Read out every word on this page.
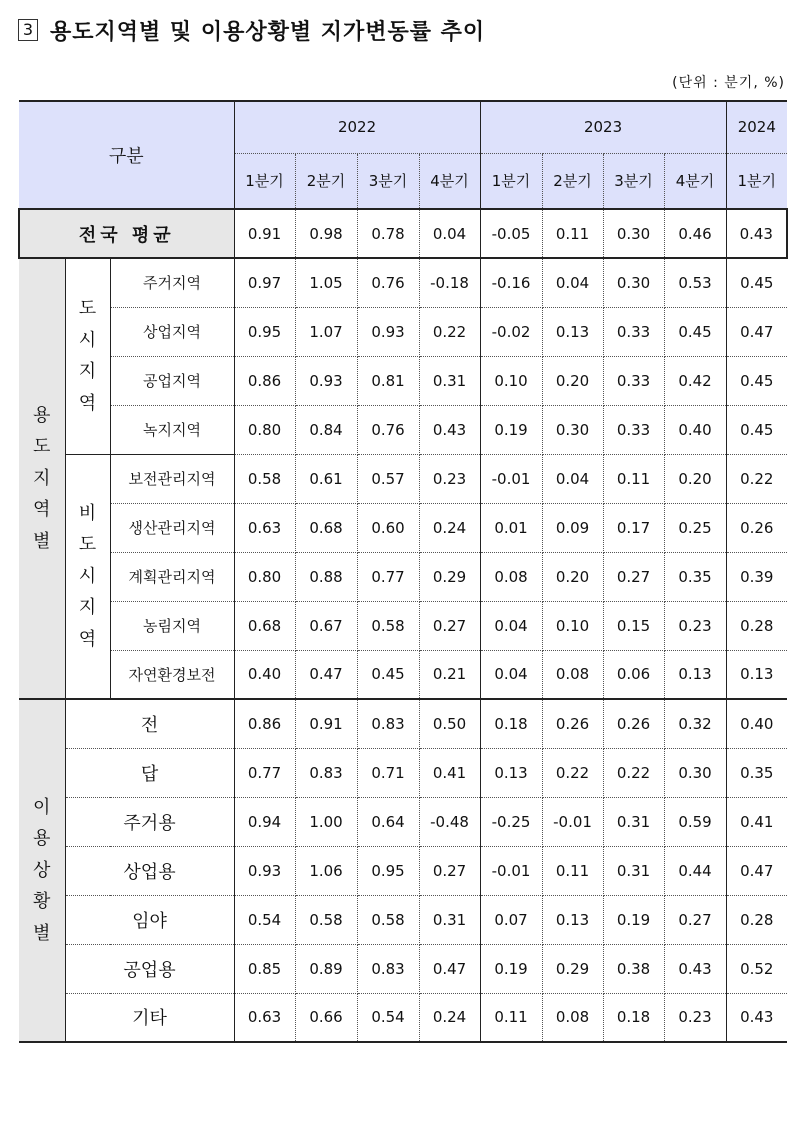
3 용도지역별 및 이용상황별 지가변동률 추이
(단위 : 분기, %)
구분			2022				2023				2024
			1분기	2분기	3분기	4분기	1분기	2분기	3분기	4분기	1분기
전국 평균			0.91	0.98	0.78	0.04	-0.05	0.11	0.30	0.46	0.43
용
도
지
역
별	도
시
지
역	주거지역	0.97	1.05	0.76	-0.18	-0.16	0.04	0.30	0.53	0.45
		상업지역	0.95	1.07	0.93	0.22	-0.02	0.13	0.33	0.45	0.47
		공업지역	0.86	0.93	0.81	0.31	0.10	0.20	0.33	0.42	0.45
		녹지지역	0.80	0.84	0.76	0.43	0.19	0.30	0.33	0.40	0.45
	비
도
시
지
역	보전관리지역	0.58	0.61	0.57	0.23	-0.01	0.04	0.11	0.20	0.22
		생산관리지역	0.63	0.68	0.60	0.24	0.01	0.09	0.17	0.25	0.26
		계획관리지역	0.80	0.88	0.77	0.29	0.08	0.20	0.27	0.35	0.39
		농림지역	0.68	0.67	0.58	0.27	0.04	0.10	0.15	0.23	0.28
		자연환경보전	0.40	0.47	0.45	0.21	0.04	0.08	0.06	0.13	0.13
이
용
상
황
별	전		0.86	0.91	0.83	0.50	0.18	0.26	0.26	0.32	0.40
	답		0.77	0.83	0.71	0.41	0.13	0.22	0.22	0.30	0.35
	주거용		0.94	1.00	0.64	-0.48	-0.25	-0.01	0.31	0.59	0.41
	상업용		0.93	1.06	0.95	0.27	-0.01	0.11	0.31	0.44	0.47
	임야		0.54	0.58	0.58	0.31	0.07	0.13	0.19	0.27	0.28
	공업용		0.85	0.89	0.83	0.47	0.19	0.29	0.38	0.43	0.52
	기타		0.63	0.66	0.54	0.24	0.11	0.08	0.18	0.23	0.43
